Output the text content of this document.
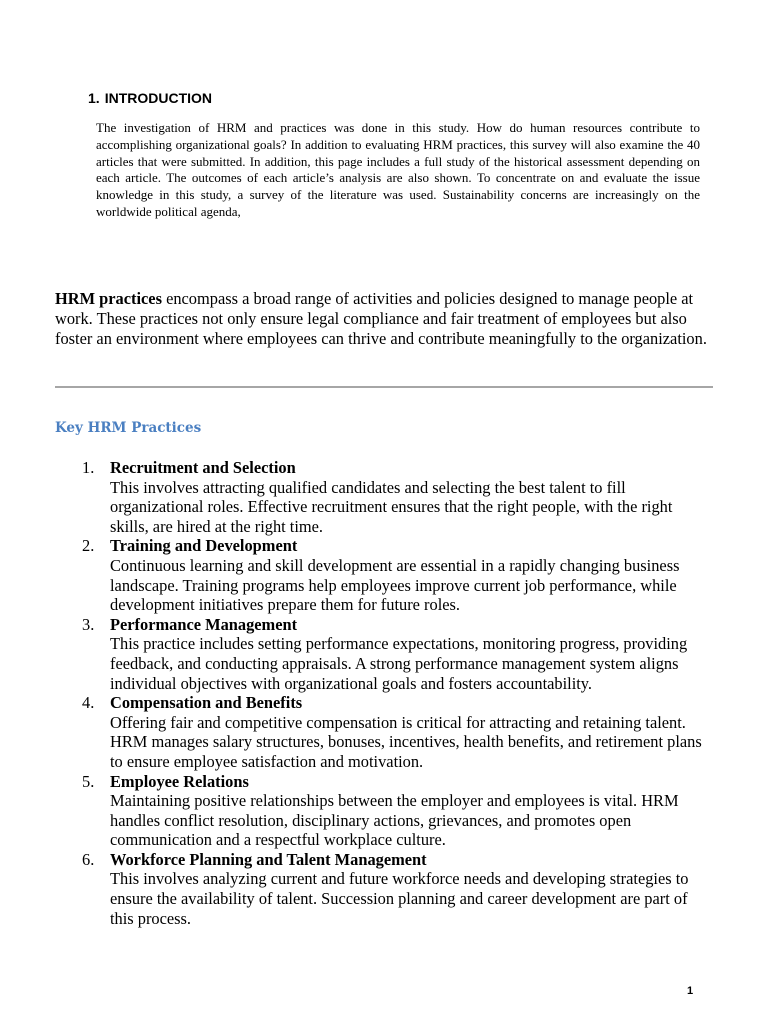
1. INTRODUCTION

The investigation of HRM and practices was done in this study. How do human resources contribute to accomplishing organizational goals? In addition to evaluating HRM practices, this survey will also examine the 40 articles that were submitted. In addition, this page includes a full study of the historical assessment depending on each article. The outcomes of each article’s analysis are also shown. To concentrate on and evaluate the issue knowledge in this study, a survey of the literature was used. Sustainability concerns are increasingly on the worldwide political agenda,

HRM practices encompass a broad range of activities and policies designed to manage people at work. These practices not only ensure legal compliance and fair treatment of employees but also foster an environment where employees can thrive and contribute meaningfully to the organization.

Key HRM Practices
1. Recruitment and Selection
This involves attracting qualified candidates and selecting the best talent to fill organizational roles. Effective recruitment ensures that the right people, with the right skills, are hired at the right time.
2. Training and Development
Continuous learning and skill development are essential in a rapidly changing business landscape. Training programs help employees improve current job performance, while development initiatives prepare them for future roles.
3. Performance Management
This practice includes setting performance expectations, monitoring progress, providing feedback, and conducting appraisals. A strong performance management system aligns individual objectives with organizational goals and fosters accountability.
4. Compensation and Benefits
Offering fair and competitive compensation is critical for attracting and retaining talent. HRM manages salary structures, bonuses, incentives, health benefits, and retirement plans to ensure employee satisfaction and motivation.
5. Employee Relations
Maintaining positive relationships between the employer and employees is vital. HRM handles conflict resolution, disciplinary actions, grievances, and promotes open communication and a respectful workplace culture.
6. Workforce Planning and Talent Management
This involves analyzing current and future workforce needs and developing strategies to ensure the availability of talent. Succession planning and career development are part of this process.
1
